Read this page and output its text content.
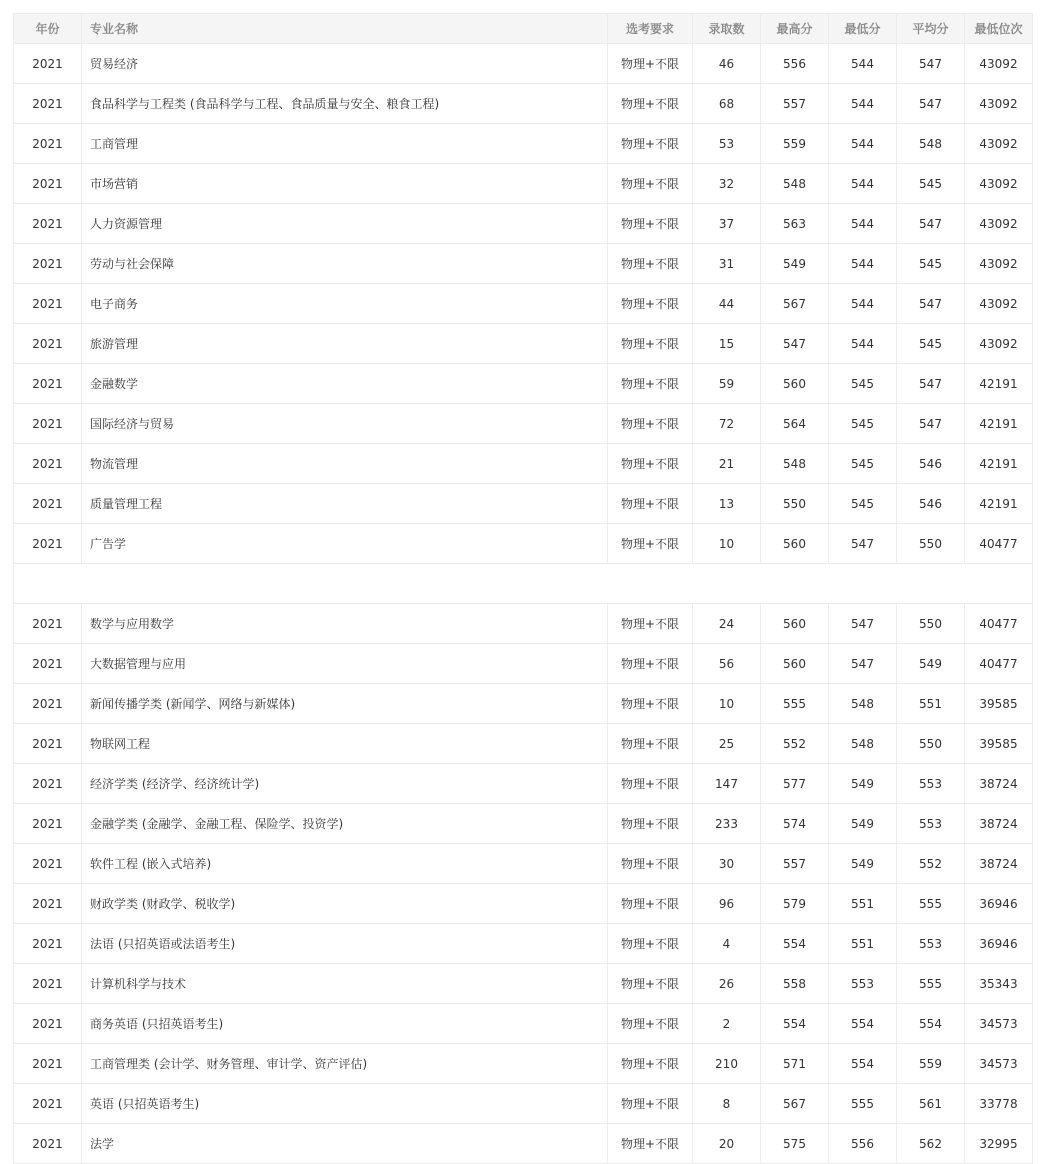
年份	专业名称	选考要求	录取数	最高分	最低分	平均分	最低位次
2021	贸易经济	物理+不限	46	556	544	547	43092
2021	食品科学与工程类 (食品科学与工程、食品质量与安全、粮食工程)	物理+不限	68	557	544	547	43092
2021	工商管理	物理+不限	53	559	544	548	43092
2021	市场营销	物理+不限	32	548	544	545	43092
2021	人力资源管理	物理+不限	37	563	544	547	43092
2021	劳动与社会保障	物理+不限	31	549	544	545	43092
2021	电子商务	物理+不限	44	567	544	547	43092
2021	旅游管理	物理+不限	15	547	544	545	43092
2021	金融数学	物理+不限	59	560	545	547	42191
2021	国际经济与贸易	物理+不限	72	564	545	547	42191
2021	物流管理	物理+不限	21	548	545	546	42191
2021	质量管理工程	物理+不限	13	550	545	546	42191
2021	广告学	物理+不限	10	560	547	550	40477

2021	数学与应用数学	物理+不限	24	560	547	550	40477
2021	大数据管理与应用	物理+不限	56	560	547	549	40477
2021	新闻传播学类 (新闻学、网络与新媒体)	物理+不限	10	555	548	551	39585
2021	物联网工程	物理+不限	25	552	548	550	39585
2021	经济学类 (经济学、经济统计学)	物理+不限	147	577	549	553	38724
2021	金融学类 (金融学、金融工程、保险学、投资学)	物理+不限	233	574	549	553	38724
2021	软件工程 (嵌入式培养)	物理+不限	30	557	549	552	38724
2021	财政学类 (财政学、税收学)	物理+不限	96	579	551	555	36946
2021	法语 (只招英语或法语考生)	物理+不限	4	554	551	553	36946
2021	计算机科学与技术	物理+不限	26	558	553	555	35343
2021	商务英语 (只招英语考生)	物理+不限	2	554	554	554	34573
2021	工商管理类 (会计学、财务管理、审计学、资产评估)	物理+不限	210	571	554	559	34573
2021	英语 (只招英语考生)	物理+不限	8	567	555	561	33778
2021	法学	物理+不限	20	575	556	562	32995
